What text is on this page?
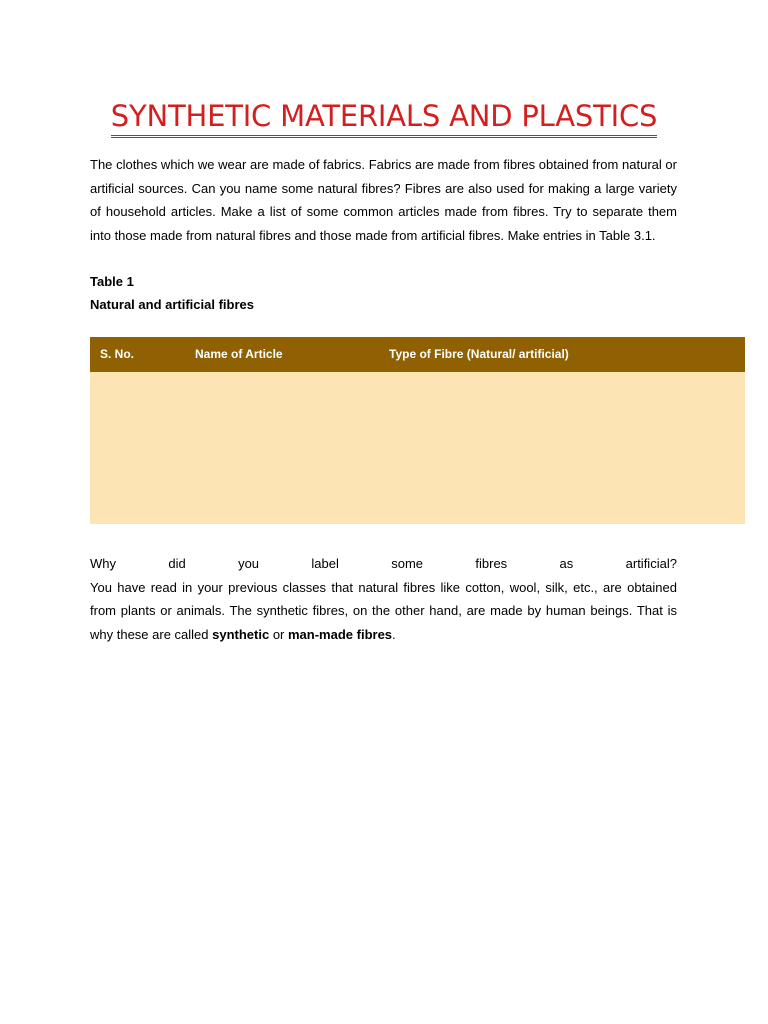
SYNTHETIC MATERIALS AND PLASTICS

The clothes which we wear are made of fabrics. Fabrics are made from fibres obtained from natural or artificial sources. Can you name some natural fibres? Fibres are also used for making a large variety of household articles. Make a list of some common articles made from fibres. Try to separate them into those made from natural fibres and those made from artificial fibres. Make entries in Table 3.1.

Table 1

Natural and artificial fibres

S. No.	Name of Article	Type of Fibre (Natural/ artificial)
Why	did	you	label	some	fibres	as	artificial?
You have read in your previous classes that natural fibres like cotton, wool, silk, etc., are obtained from plants or animals. The synthetic fibres, on the other hand, are made by human beings. That is why these are called synthetic or man-made fibres.
